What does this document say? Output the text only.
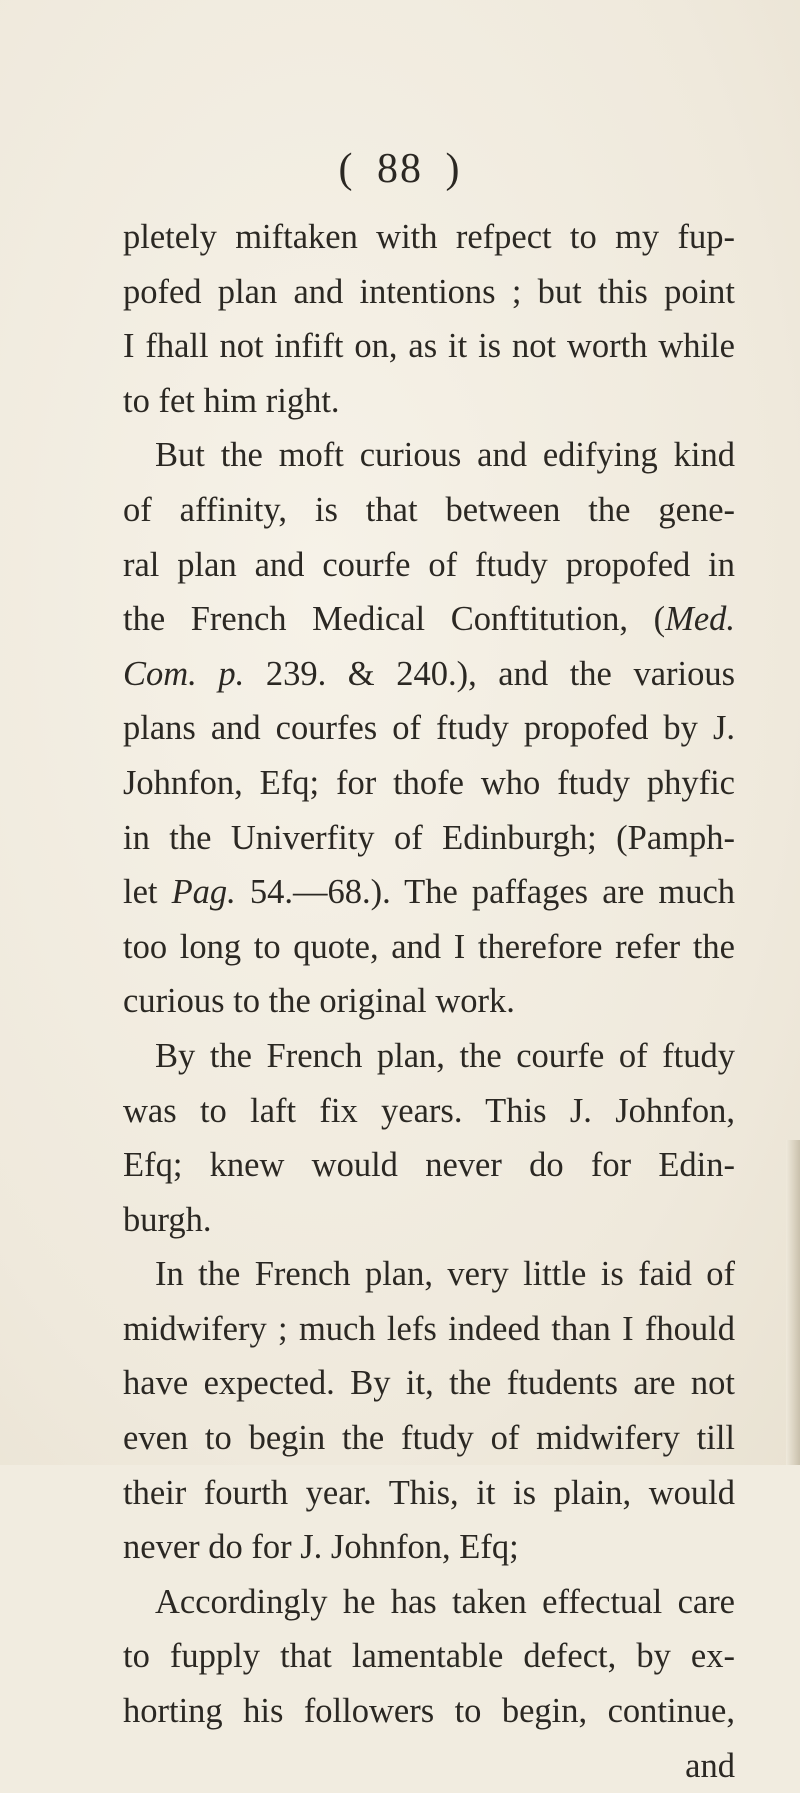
( 88 )
pletely miftaken with refpect to my fup-
pofed plan and intentions ; but this point
I fhall not infift on, as it is not worth while
to fet him right.
But the moft curious and edifying kind
of affinity, is that between the gene-
ral plan and courfe of ftudy propofed in
the French Medical Conftitution, (Med.
Com. p. 239. & 240.), and the various
plans and courfes of ftudy propofed by J.
Johnfon, Efq; for thofe who ftudy phyfic
in the Univerfity of Edinburgh; (Pamph-
let Pag. 54.—68.). The paffages are much
too long to quote, and I therefore refer the
curious to the original work.
By the French plan, the courfe of ftudy
was to laft fix years. This J. Johnfon,
Efq; knew would never do for Edin-
burgh.
In the French plan, very little is faid of
midwifery ; much lefs indeed than I fhould
have expected. By it, the ftudents are not
even to begin the ftudy of midwifery till
their fourth year. This, it is plain, would
never do for J. Johnfon, Efq;
Accordingly he has taken effectual care
to fupply that lamentable defect, by ex-
horting his followers to begin, continue,
and
